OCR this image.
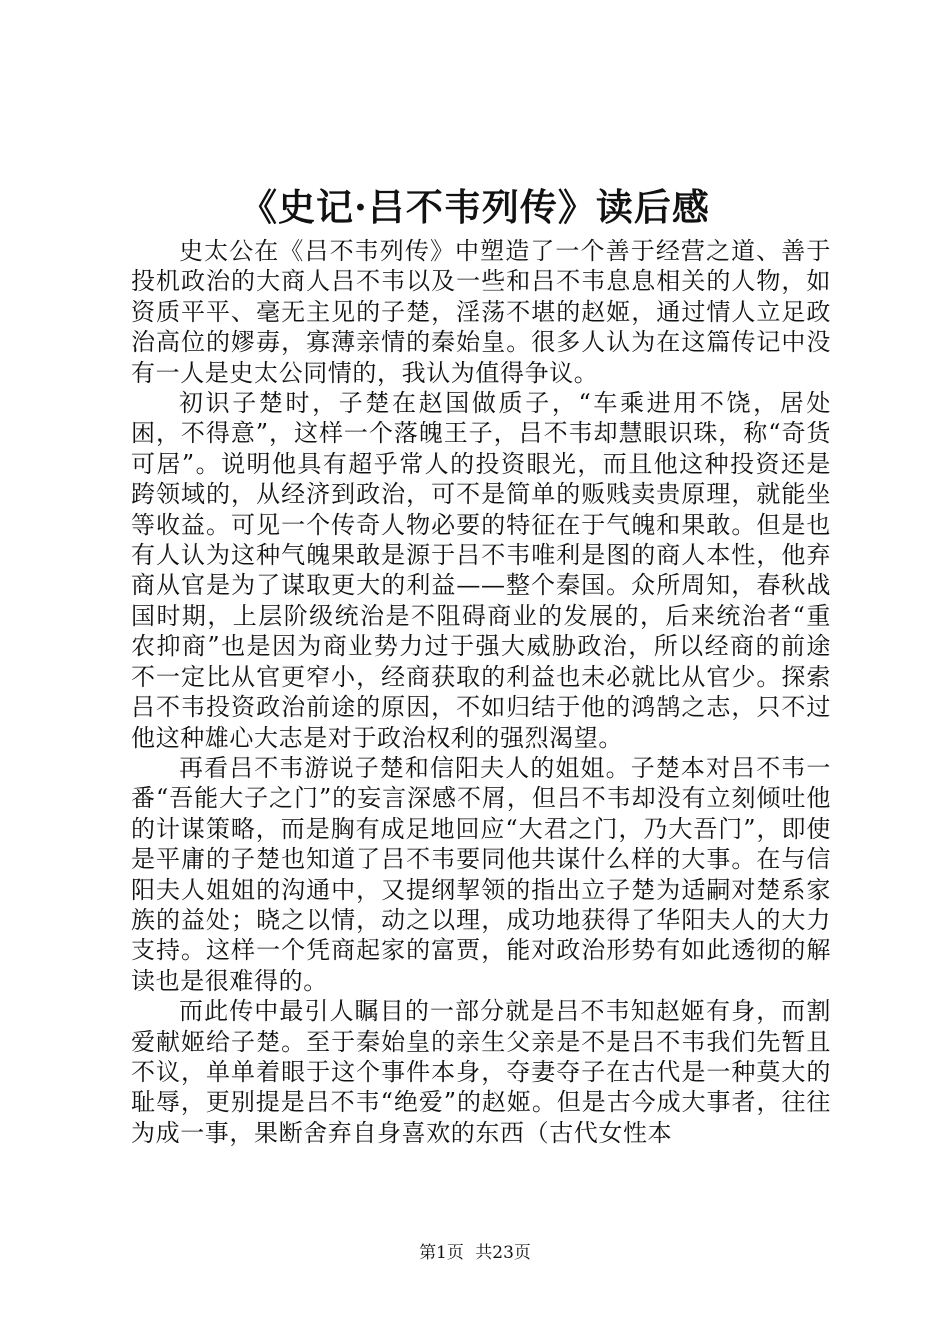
《史记·吕不韦列传》读后感

史太公在《吕不韦列传》中塑造了一个善于经营之道、善于投机政治的大商人吕不韦以及一些和吕不韦息息相关的人物，如资质平平、毫无主见的子楚，淫荡不堪的赵姬，通过情人立足政治高位的嫪毐，寡薄亲情的秦始皇。很多人认为在这篇传记中没有一人是史太公同情的，我认为值得争议。

初识子楚时，子楚在赵国做质子，“车乘进用不饶，居处困，不得意”，这样一个落魄王子，吕不韦却慧眼识珠，称“奇货可居”。说明他具有超乎常人的投资眼光，而且他这种投资还是跨领域的，从经济到政治，可不是简单的贩贱卖贵原理，就能坐等收益。可见一个传奇人物必要的特征在于气魄和果敢。但是也有人认为这种气魄果敢是源于吕不韦唯利是图的商人本性，他弃商从官是为了谋取更大的利益——整个秦国。众所周知，春秋战国时期，上层阶级统治是不阻碍商业的发展的，后来统治者“重农抑商”也是因为商业势力过于强大威胁政治，所以经商的前途不一定比从官更窄小，经商获取的利益也未必就比从官少。探索吕不韦投资政治前途的原因，不如归结于他的鸿鹄之志，只不过他这种雄心大志是对于政治权利的强烈渴望。

再看吕不韦游说子楚和信阳夫人的姐姐。子楚本对吕不韦一番“吾能大子之门”的妄言深感不屑，但吕不韦却没有立刻倾吐他的计谋策略，而是胸有成足地回应“大君之门，乃大吾门”，即使是平庸的子楚也知道了吕不韦要同他共谋什么样的大事。在与信阳夫人姐姐的沟通中，又提纲挈领的指出立子楚为适嗣对楚系家族的益处；晓之以情，动之以理，成功地获得了华阳夫人的大力支持。这样一个凭商起家的富贾，能对政治形势有如此透彻的解读也是很难得的。

而此传中最引人瞩目的一部分就是吕不韦知赵姬有身，而割爱献姬给子楚。至于秦始皇的亲生父亲是不是吕不韦我们先暂且不议，单单着眼于这个事件本身，夺妻夺子在古代是一种莫大的耻辱，更别提是吕不韦“绝爱”的赵姬。但是古今成大事者，往往为成一事，果断舍弃自身喜欢的东西（古代女性本

第1页 共23页
